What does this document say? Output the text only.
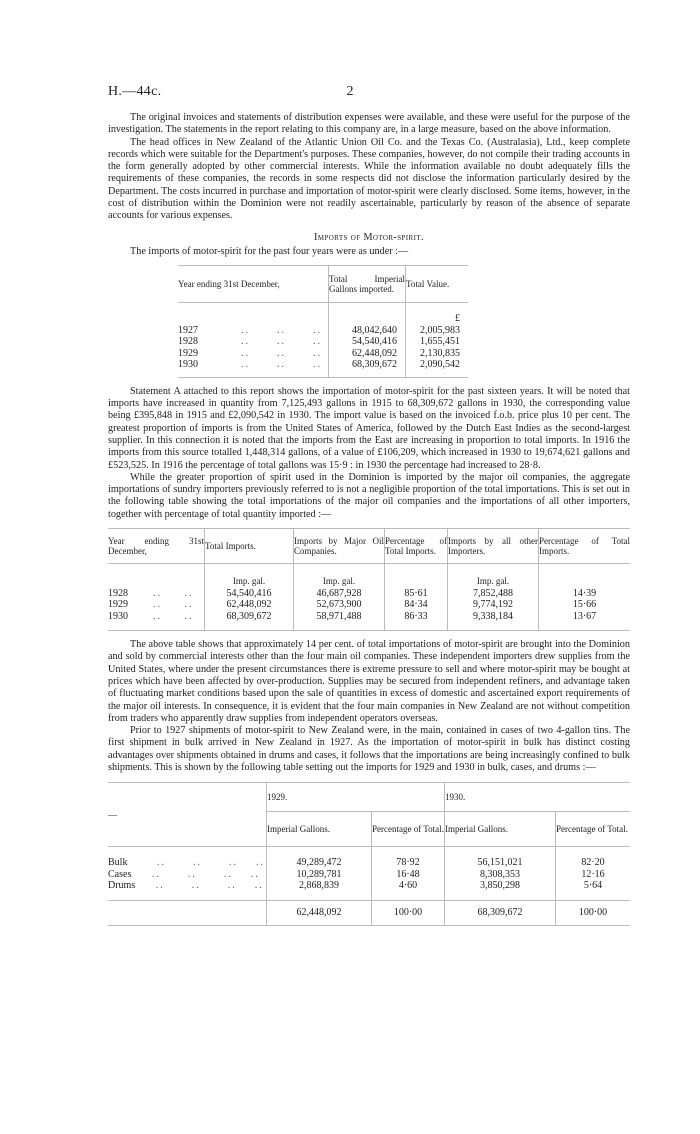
H.—44c.	2

The original invoices and statements of distribution expenses were available, and these were useful for the purpose of the investigation. The statements in the report relating to this company are, in a large measure, based on the above information.

The head offices in New Zealand of the Atlantic Union Oil Co. and the Texas Co. (Australasia), Ltd., keep complete records which were suitable for the Department's purposes. These companies, however, do not compile their trading accounts in the form generally adopted by other commercial interests. While the information available no doubt adequately fills the requirements of these companies, the records in some respects did not disclose the information particularly desired by the Department. The costs incurred in purchase and importation of motor-spirit were clearly disclosed. Some items, however, in the cost of distribution within the Dominion were not readily ascertainable, particularly by reason of the absence of separate accounts for various expenses.

Imports of Motor-spirit.

The imports of motor-spirit for the past four years were as under :—

Year ending 31st December,	Total Imperial Gallons imported.	Total Value.
		£
1927          ..      ..      ..	48,042,640	2,005,983
1928          ..      ..      ..	54,540,416	1,655,451
1929          ..      ..      ..	62,448,092	2,130,835
1930          ..      ..      ..	68,309,672	2,090,542

Statement A attached to this report shows the importation of motor-spirit for the past sixteen years. It will be noted that imports have increased in quantity from 7,125,493 gallons in 1915 to 68,309,672 gallons in 1930, the corresponding value being £395,848 in 1915 and £2,090,542 in 1930. The import value is based on the invoiced f.o.b. price plus 10 per cent. The greatest proportion of imports is from the United States of America, followed by the Dutch East Indies as the second-largest supplier. In this connection it is noted that the imports from the East are increasing in proportion to total imports. In 1916 the imports from this source totalled 1,448,314 gallons, of a value of £106,209, which increased in 1930 to 19,674,621 gallons and £523,525. In 1916 the percentage of total gallons was 15·9 : in 1930 the percentage had increased to 28·8.

While the greater proportion of spirit used in the Dominion is imported by the major oil companies, the aggregate importations of sundry importers previously referred to is not a negligible proportion of the total importations. This is set out in the following table showing the total importations of the major oil companies and the importations of all other importers, together with percentage of total quantity imported :—

Year ending 31st December,	Total Imports.	Imports by Major Oil Companies.	Percentage of Total Imports.	Imports by all other Importers.	Percentage of Total Imports.
	Imp. gal.	Imp. gal.		Imp. gal.	
1928      ..     ..	54,540,416	46,687,928	85·61	7,852,488	14·39
1929      ..     ..	62,448,092	52,673,900	84·34	9,774,192	15·66
1930      ..     ..	68,309,672	58,971,488	86·33	9,338,184	13·67

The above table shows that approximately 14 per cent. of total importations of motor-spirit are brought into the Dominion and sold by commercial interests other than the four main oil companies. These independent importers drew supplies from the United States, where under the present circumstances there is extreme pressure to sell and where motor-spirit may be bought at prices which have been affected by over-production. Supplies may be secured from independent refiners, and advantage taken of fluctuating market conditions based upon the sale of quantities in excess of domestic and ascertained export requirements of the major oil interests. In consequence, it is evident that the four main companies in New Zealand are not without competition from traders who apparently draw supplies from independent operators overseas.

Prior to 1927 shipments of motor-spirit to New Zealand were, in the main, contained in cases of two 4-gallon tins. The first shipment in bulk arrived in New Zealand in 1927. As the importation of motor-spirit in bulk has distinct costing advantages over shipments obtained in drums and cases, it follows that the importations are being increasingly confined to bulk shipments. This is shown by the following table setting out the imports for 1929 and 1930 in bulk, cases, and drums :—

—	1929.		1930.	
	Imperial Gallons.	Percentage of Total.	Imperial Gallons.	Percentage of Total.
Bulk       ..      ..      ..    ..	49,289,472	78·92	56,151,021	82·20
Cases     ..      ..      ..    ..	10,289,781	16·48	8,308,353	12·16
Drums     ..      ..      ..    ..	2,868,839	4·60	3,850,298	5·64
	62,448,092	100·00	68,309,672	100·00
